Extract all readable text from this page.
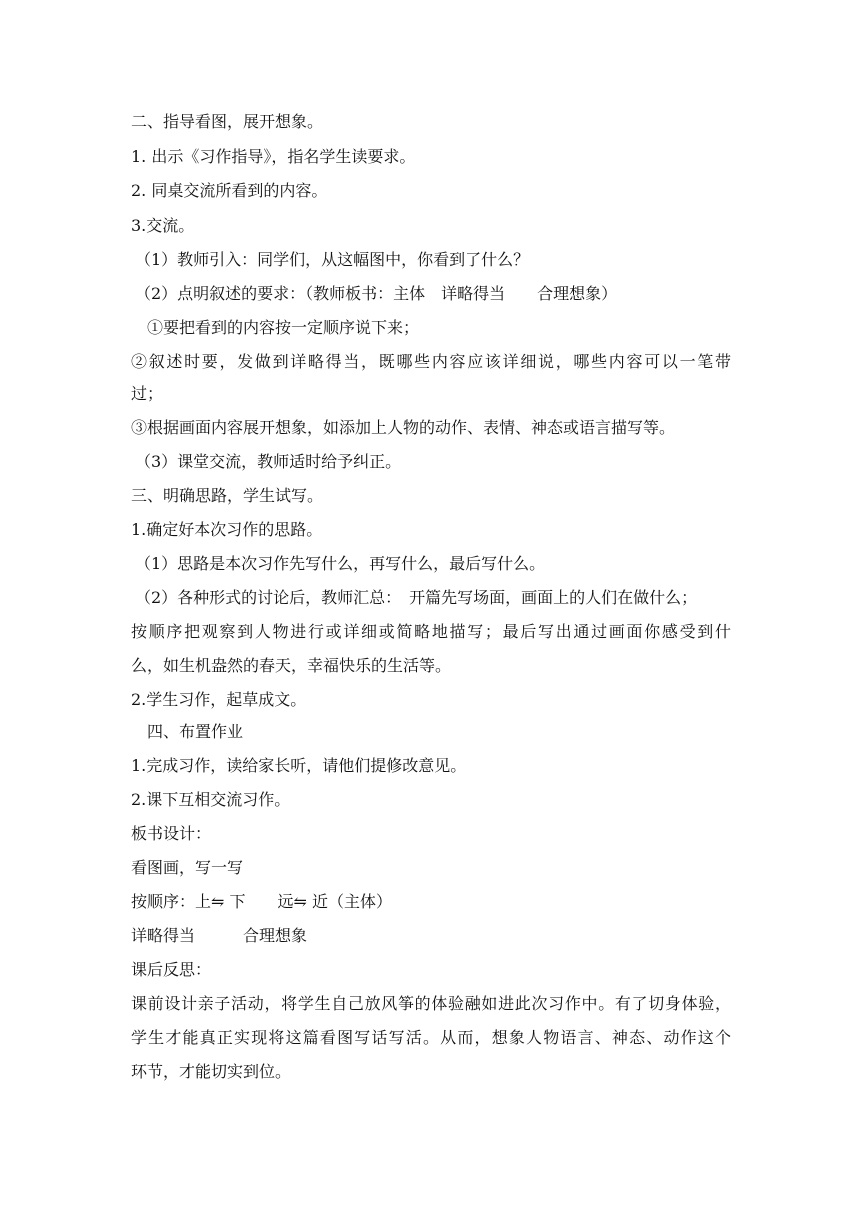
二、指导看图，展开想象。
1. 出示《习作指导》，指名学生读要求。
2. 同桌交流所看到的内容。
3.交流。
（1）教师引入：同学们，从这幅图中，你看到了什么？
（2）点明叙述的要求：（教师板书：主体　详略得当　　合理想象）
①要把看到的内容按一定顺序说下来；
②叙述时要，发做到详略得当，既哪些内容应该详细说，哪些内容可以一笔带
过；
③根据画面内容展开想象，如添加上人物的动作、表情、神态或语言描写等。
（3）课堂交流，教师适时给予纠正。
三、明确思路，学生试写。
1.确定好本次习作的思路。
（1）思路是本次习作先写什么，再写什么，最后写什么。
（2）各种形式的讨论后，教师汇总：　开篇先写场面，画面上的人们在做什么；
按顺序把观察到人物进行或详细或简略地描写；最后写出通过画面你感受到什
么，如生机盎然的春天，幸福快乐的生活等。
2.学生习作，起草成文。
四、布置作业
1.完成习作，读给家长听，请他们提修改意见。
2.课下互相交流习作。
板书设计：
看图画，写一写
按顺序：上⇋ 下　　远⇋ 近（主体）
详略得当　　　合理想象
课后反思：
课前设计亲子活动，将学生自己放风筝的体验融如进此次习作中。有了切身体验，
学生才能真正实现将这篇看图写话写活。从而，想象人物语言、神态、动作这个
环节，才能切实到位。
